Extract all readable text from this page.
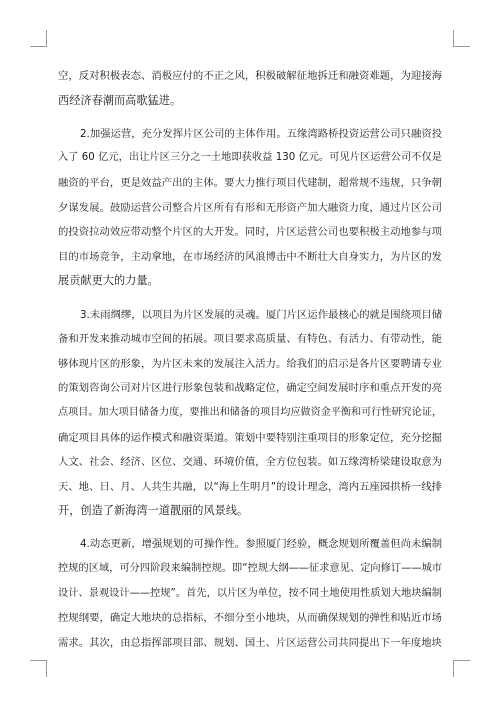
空，反对积极表态、消极应付的不正之风，积极破解征地拆迁和融资难题，为迎接海
西经济春潮而高歌猛进。
2.加强运营，充分发挥片区公司的主体作用。五缘湾路桥投资运营公司只融资投
入了 60 亿元，出让片区三分之一土地即获收益 130 亿元。可见片区运营公司不仅是
融资的平台，更是效益产出的主体。要大力推行项目代建制，超常规不违规，只争朝
夕谋发展。鼓励运营公司整合片区所有有形和无形资产加大融资力度，通过片区公司
的投资拉动效应带动整个片区的大开发。同时，片区运营公司也要积极主动地参与项
目的市场竞争，主动拿地，在市场经济的风浪博击中不断壮大自身实力，为片区的发
展贡献更大的力量。
3.未雨绸缪，以项目为片区发展的灵魂。厦门片区运作最核心的就是围绕项目储
备和开发来推动城市空间的拓展。项目要求高质量、有特色、有活力、有带动性，能
够体现片区的形象，为片区未来的发展注入活力。给我们的启示是各片区要聘请专业
的策划咨询公司对片区进行形象包装和战略定位，确定空间发展时序和重点开发的亮
点项目。加大项目储备力度，要推出和储备的项目均应做资金平衡和可行性研究论证，
确定项目具体的运作模式和融资渠道。策划中要特别注重项目的形象定位，充分挖掘
人文、社会、经济、区位、交通、环境价值，全方位包装。如五缘湾桥梁建设取意为
天、地、日、月、人共生共融，以“海上生明月”的设计理念，湾内五座园拱桥一线排
开，创造了新海湾一道靓丽的风景线。
4.动态更新，增强规划的可操作性。参照厦门经验，概念规划所覆盖但尚未编制
控规的区域，可分四阶段来编制控规。即“控规大纲——征求意见、定向修订——城市
设计、景观设计——控规”。首先，以片区为单位，按不同土地使用性质划大地块编制
控规纲要，确定大地块的总指标，不细分至小地块，从而确保规划的弹性和贴近市场
需求。其次，由总指挥部项目部、规划、国土、片区运营公司共同提出下一年度地块
